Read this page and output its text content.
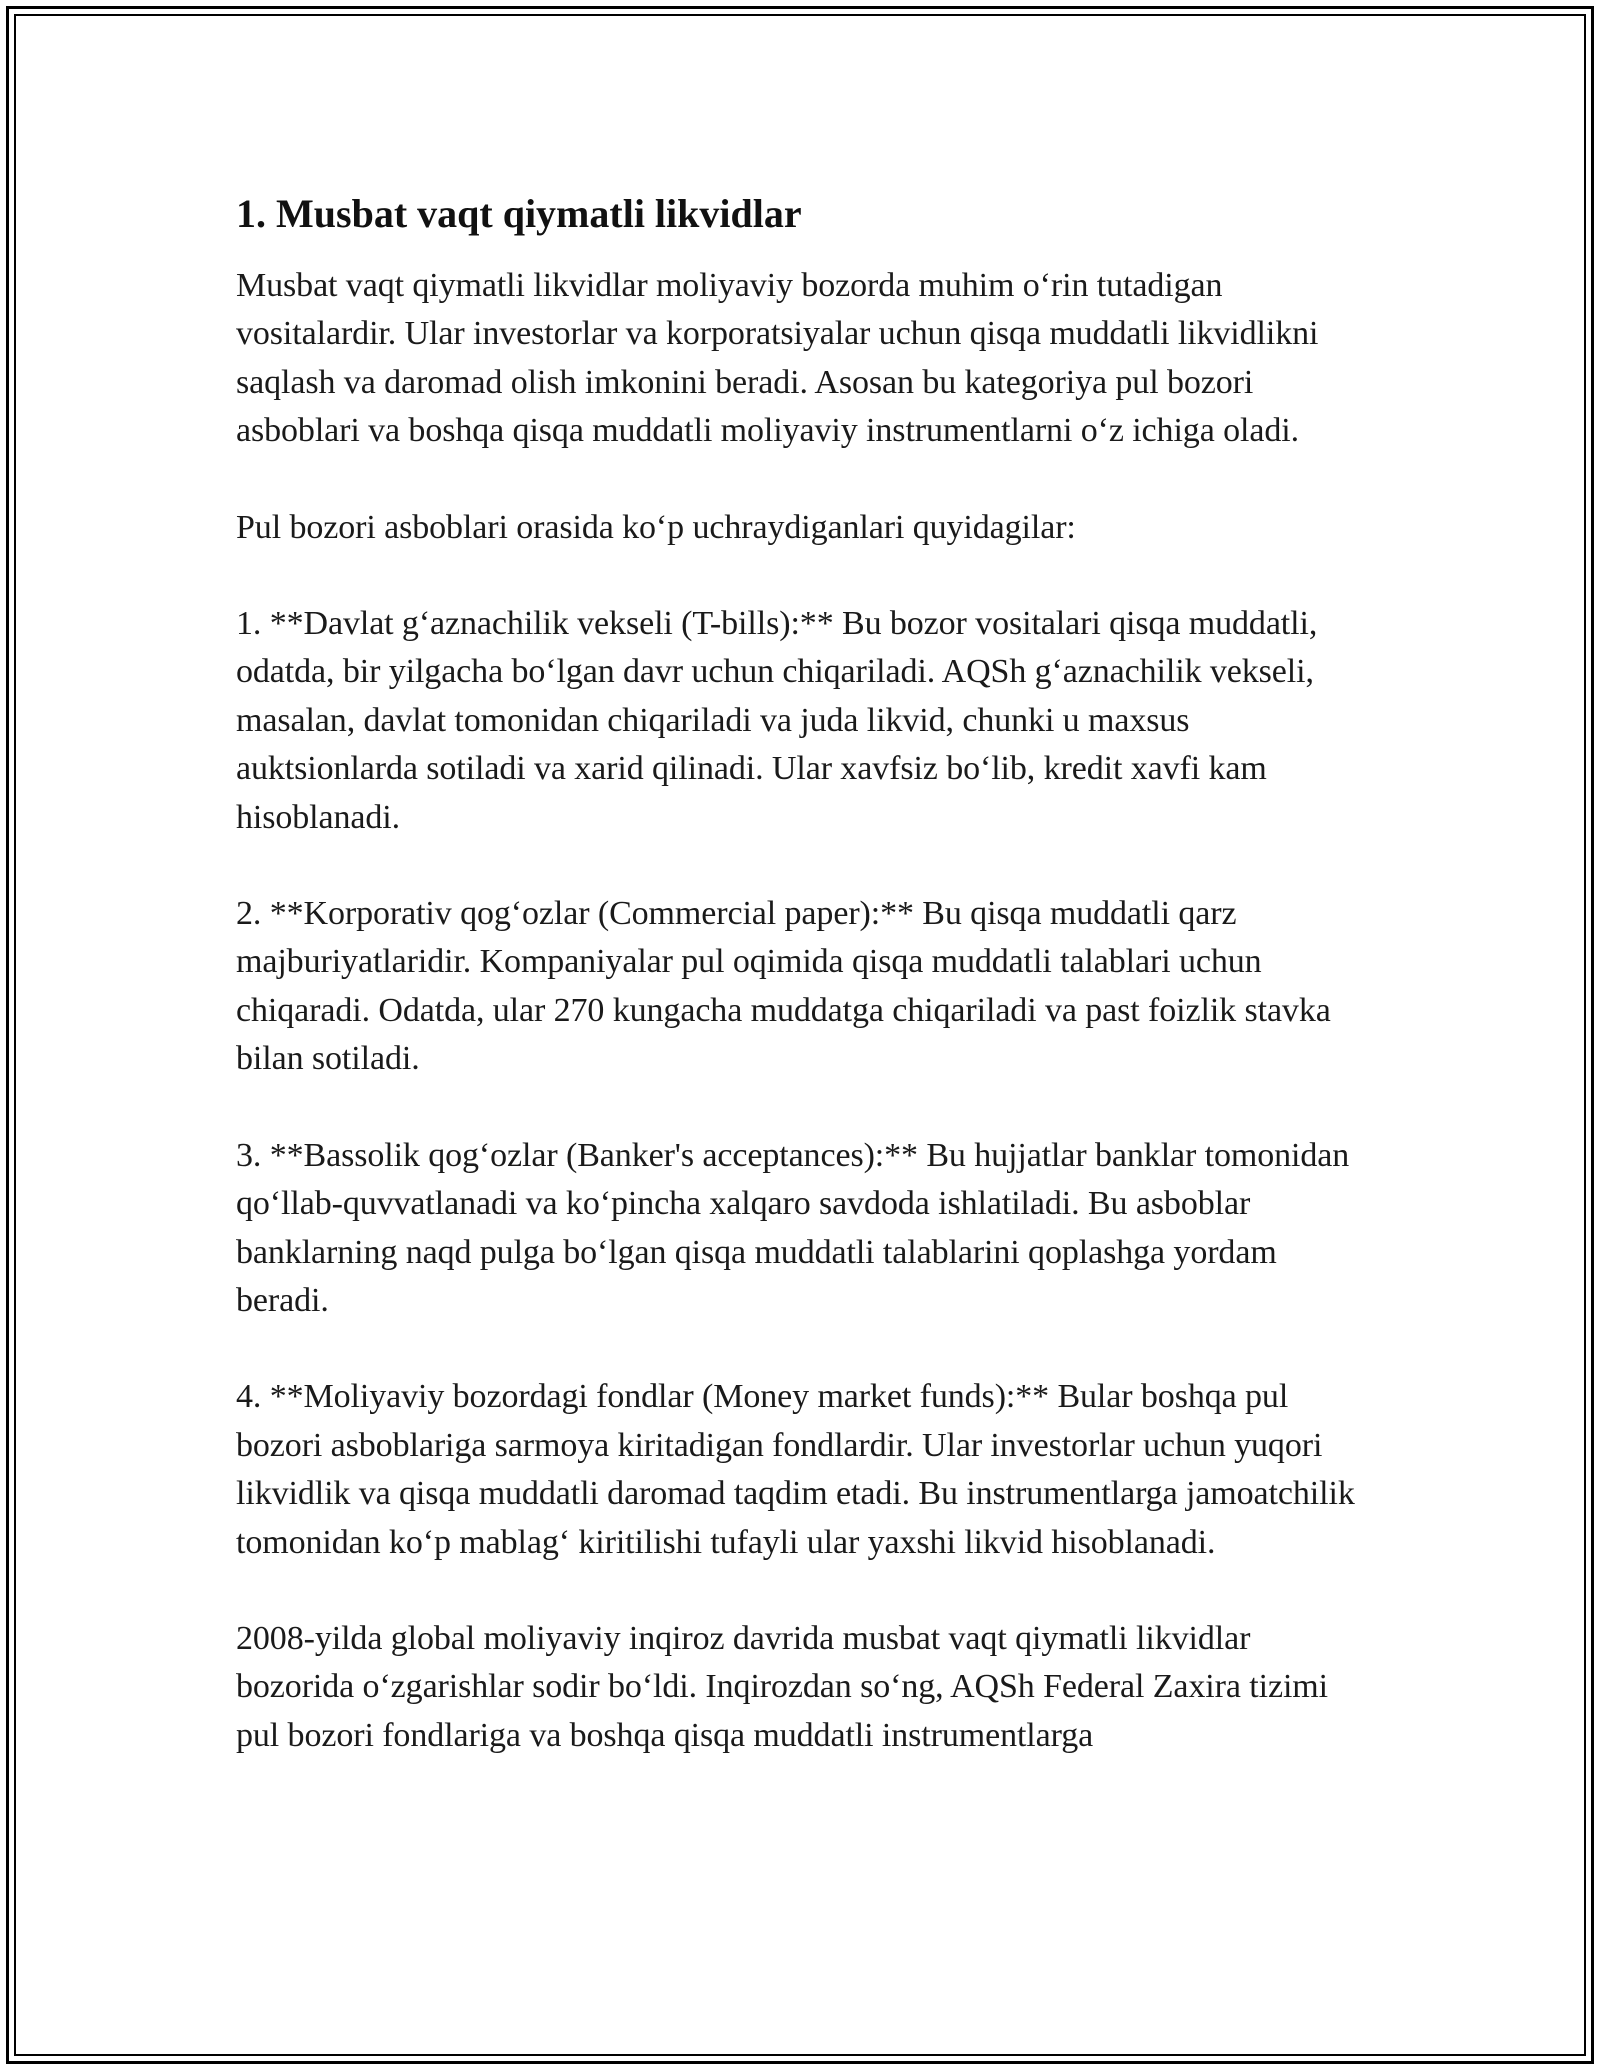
1. Musbat vaqt qiymatli likvidlar

Musbat vaqt qiymatli likvidlar moliyaviy bozorda muhim oʻrin tutadigan vositalardir. Ular investorlar va korporatsiyalar uchun qisqa muddatli likvidlikni saqlash va daromad olish imkonini beradi. Asosan bu kategoriya pul bozori asboblari va boshqa qisqa muddatli moliyaviy instrumentlarni oʻz ichiga oladi.

Pul bozori asboblari orasida koʻp uchraydiganlari quyidagilar:

1. **Davlat gʻaznachilik vekseli (T-bills):** Bu bozor vositalari qisqa muddatli, odatda, bir yilgacha boʻlgan davr uchun chiqariladi. AQSh gʻaznachilik vekseli, masalan, davlat tomonidan chiqariladi va juda likvid, chunki u maxsus auktsionlarda sotiladi va xarid qilinadi. Ular xavfsiz boʻlib, kredit xavfi kam hisoblanadi.

2. **Korporativ qogʻozlar (Commercial paper):** Bu qisqa muddatli qarz majburiyatlaridir. Kompaniyalar pul oqimida qisqa muddatli talablari uchun chiqaradi. Odatda, ular 270 kungacha muddatga chiqariladi va past foizlik stavka bilan sotiladi.

3. **Bassolik qogʻozlar (Banker's acceptances):** Bu hujjatlar banklar tomonidan qoʻllab-quvvatlanadi va koʻpincha xalqaro savdoda ishlatiladi. Bu asboblar banklarning naqd pulga boʻlgan qisqa muddatli talablarini qoplashga yordam beradi.

4. **Moliyaviy bozordagi fondlar (Money market funds):** Bular boshqa pul bozori asboblariga sarmoya kiritadigan fondlardir. Ular investorlar uchun yuqori likvidlik va qisqa muddatli daromad taqdim etadi. Bu instrumentlarga jamoatchilik tomonidan koʻp mablagʻ kiritilishi tufayli ular yaxshi likvid hisoblanadi.

2008-yilda global moliyaviy inqiroz davrida musbat vaqt qiymatli likvidlar bozorida oʻzgarishlar sodir boʻldi. Inqirozdan soʻng, AQSh Federal Zaxira tizimi pul bozori fondlariga va boshqa qisqa muddatli instrumentlarga
